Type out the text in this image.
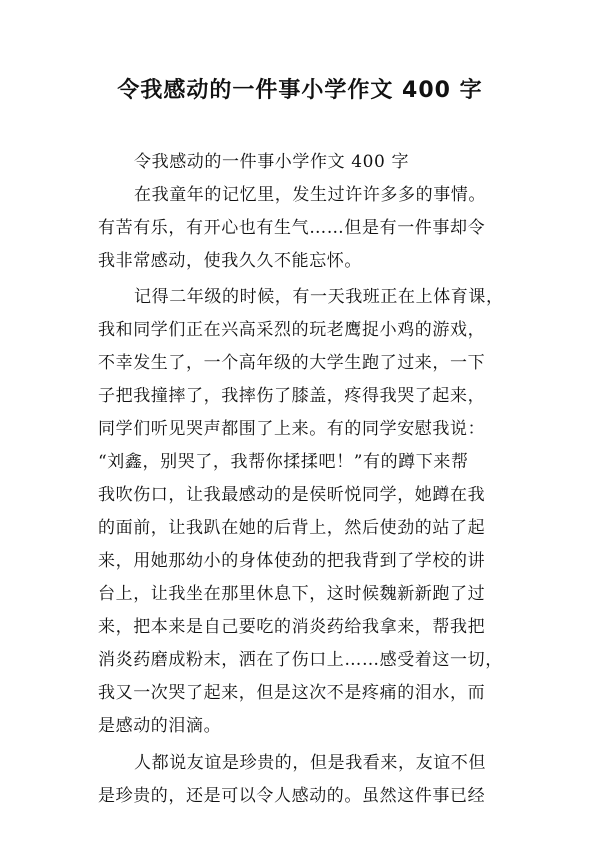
令我感动的一件事小学作文 400 字
令我感动的一件事小学作文 400 字
在我童年的记忆里，发生过许许多多的事情。
有苦有乐，有开心也有生气……但是有一件事却令
我非常感动，使我久久不能忘怀。
记得二年级的时候，有一天我班正在上体育课，
我和同学们正在兴高采烈的玩老鹰捉小鸡的游戏，
不幸发生了，一个高年级的大学生跑了过来，一下
子把我撞摔了，我摔伤了膝盖，疼得我哭了起来，
同学们听见哭声都围了上来。有的同学安慰我说：
“刘鑫，别哭了，我帮你揉揉吧！”有的蹲下来帮
我吹伤口，让我最感动的是侯昕悦同学，她蹲在我
的面前，让我趴在她的后背上，然后使劲的站了起
来，用她那幼小的身体使劲的把我背到了学校的讲
台上，让我坐在那里休息下，这时候魏新新跑了过
来，把本来是自己要吃的消炎药给我拿来，帮我把
消炎药磨成粉末，洒在了伤口上……感受着这一切，
我又一次哭了起来，但是这次不是疼痛的泪水，而
是感动的泪滴。
人都说友谊是珍贵的，但是我看来，友谊不但
是珍贵的，还是可以令人感动的。虽然这件事已经
